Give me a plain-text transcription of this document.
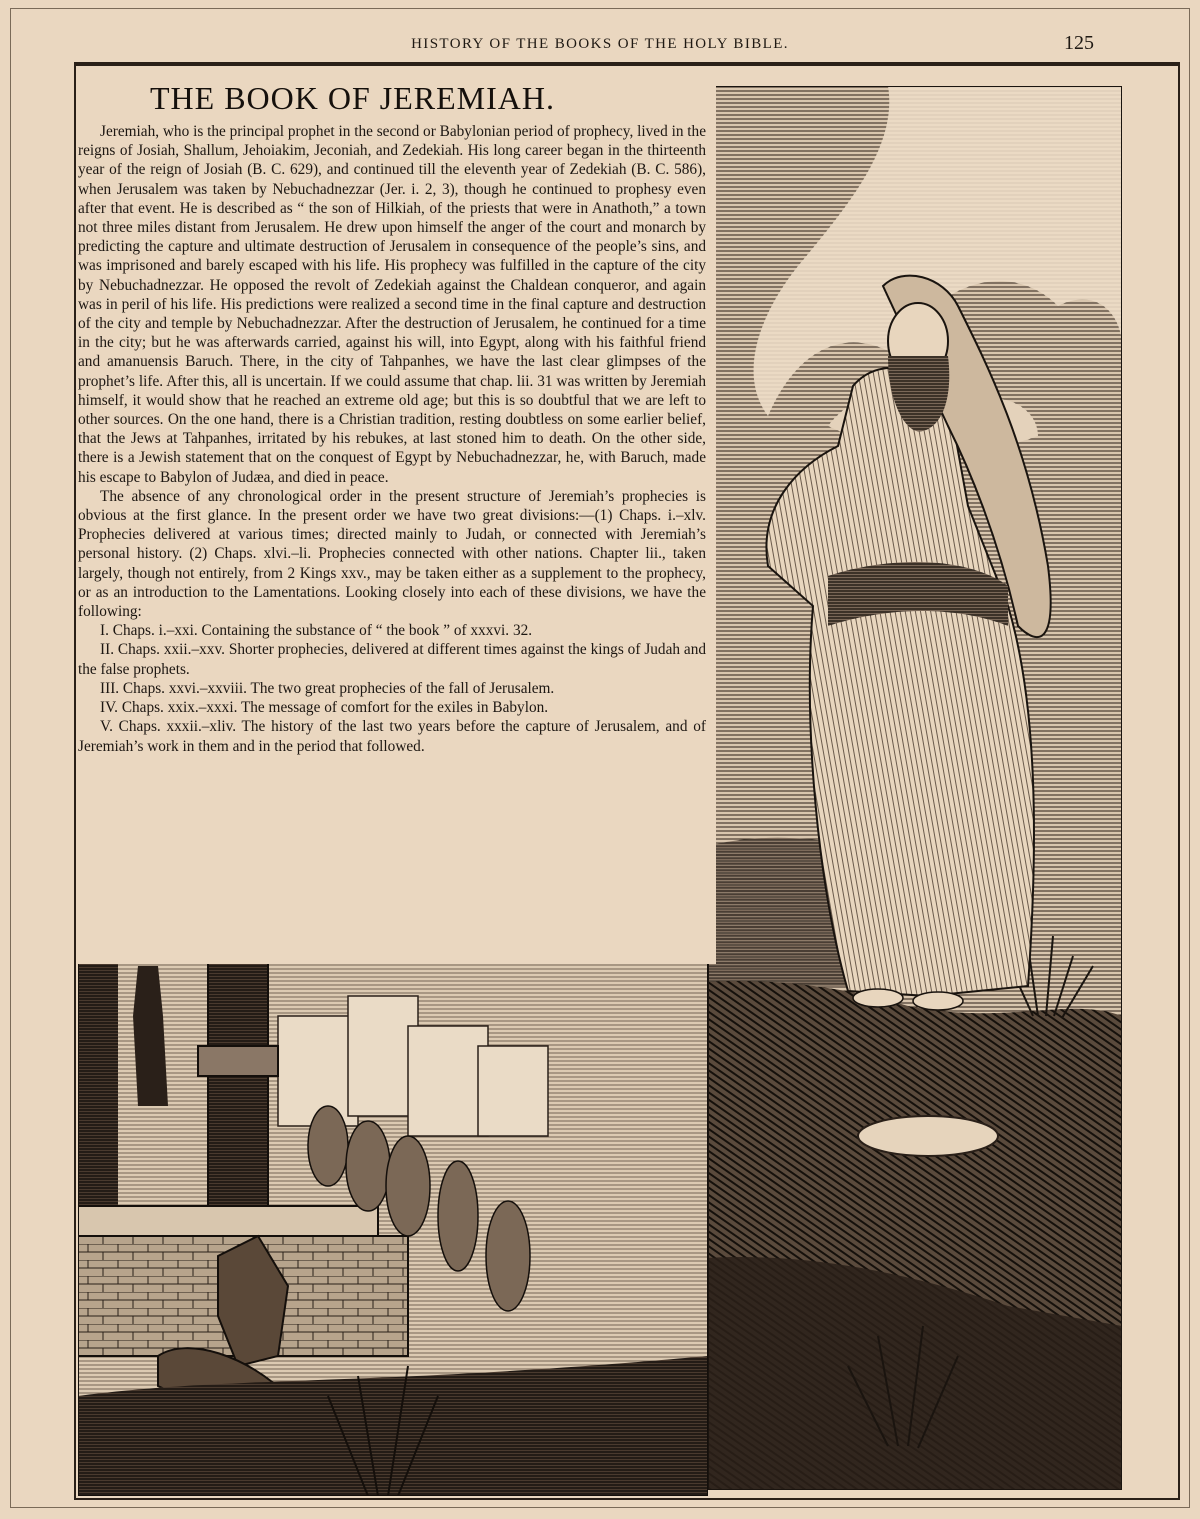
HISTORY OF THE BOOKS OF THE HOLY BIBLE.	125
THE BOOK OF JEREMIAH.

Jeremiah, who is the principal prophet in the second or Babylonian period of prophecy, lived in the reigns of Josiah, Shallum, Jehoiakim, Jeconiah, and Zedekiah. His long career began in the thirteenth year of the reign of Josiah (B. C. 629), and continued till the eleventh year of Zedekiah (B. C. 586), when Jerusalem was taken by Nebuchadnezzar (Jer. i. 2, 3), though he continued to prophesy even after that event. He is described as “ the son of Hilkiah, of the priests that were in Anathoth,” a town not three miles distant from Jerusalem. He drew upon himself the anger of the court and monarch by predicting the capture and ultimate destruction of Jerusalem in consequence of the people’s sins, and was imprisoned and barely escaped with his life. His prophecy was fulfilled in the capture of the city by Nebuchadnezzar. He opposed the revolt of Zedekiah against the Chaldean conqueror, and again was in peril of his life. His predictions were realized a second time in the final capture and destruction of the city and temple by Nebuchadnezzar. After the destruction of Jerusalem, he continued for a time in the city; but he was afterwards carried, against his will, into Egypt, along with his faithful friend and amanuensis Baruch. There, in the city of Tahpanhes, we have the last clear glimpses of the prophet’s life. After this, all is uncertain. If we could assume that chap. lii. 31 was written by Jeremiah himself, it would show that he reached an extreme old age; but this is so doubtful that we are left to other sources. On the one hand, there is a Christian tradition, resting doubtless on some earlier belief, that the Jews at Tahpanhes, irritated by his rebukes, at last stoned him to death. On the other side, there is a Jewish statement that on the conquest of Egypt by Nebuchadnezzar, he, with Baruch, made his escape to Babylon of Judæa, and died in peace.

The absence of any chronological order in the present structure of Jeremiah’s prophecies is obvious at the first glance. In the present order we have two great divisions:—(1) Chaps. i.–xlv. Prophecies delivered at various times; directed mainly to Judah, or connected with Jeremiah’s personal history. (2) Chaps. xlvi.–li. Prophecies connected with other nations. Chapter lii., taken largely, though not entirely, from 2 Kings xxv., may be taken either as a supplement to the prophecy, or as an introduction to the Lamentations. Looking closely into each of these divisions, we have the following:

I. Chaps. i.–xxi. Containing the substance of “ the book ” of xxxvi. 32.

II. Chaps. xxii.–xxv. Shorter prophecies, delivered at different times against the kings of Judah and the false prophets.

III. Chaps. xxvi.–xxviii. The two great prophecies of the fall of Jerusalem.

IV. Chaps. xxix.–xxxi. The message of comfort for the exiles in Babylon.

V. Chaps. xxxii.–xliv. The history of the last two years before the capture of Jerusalem, and of Jeremiah’s work in them and in the period that followed.
